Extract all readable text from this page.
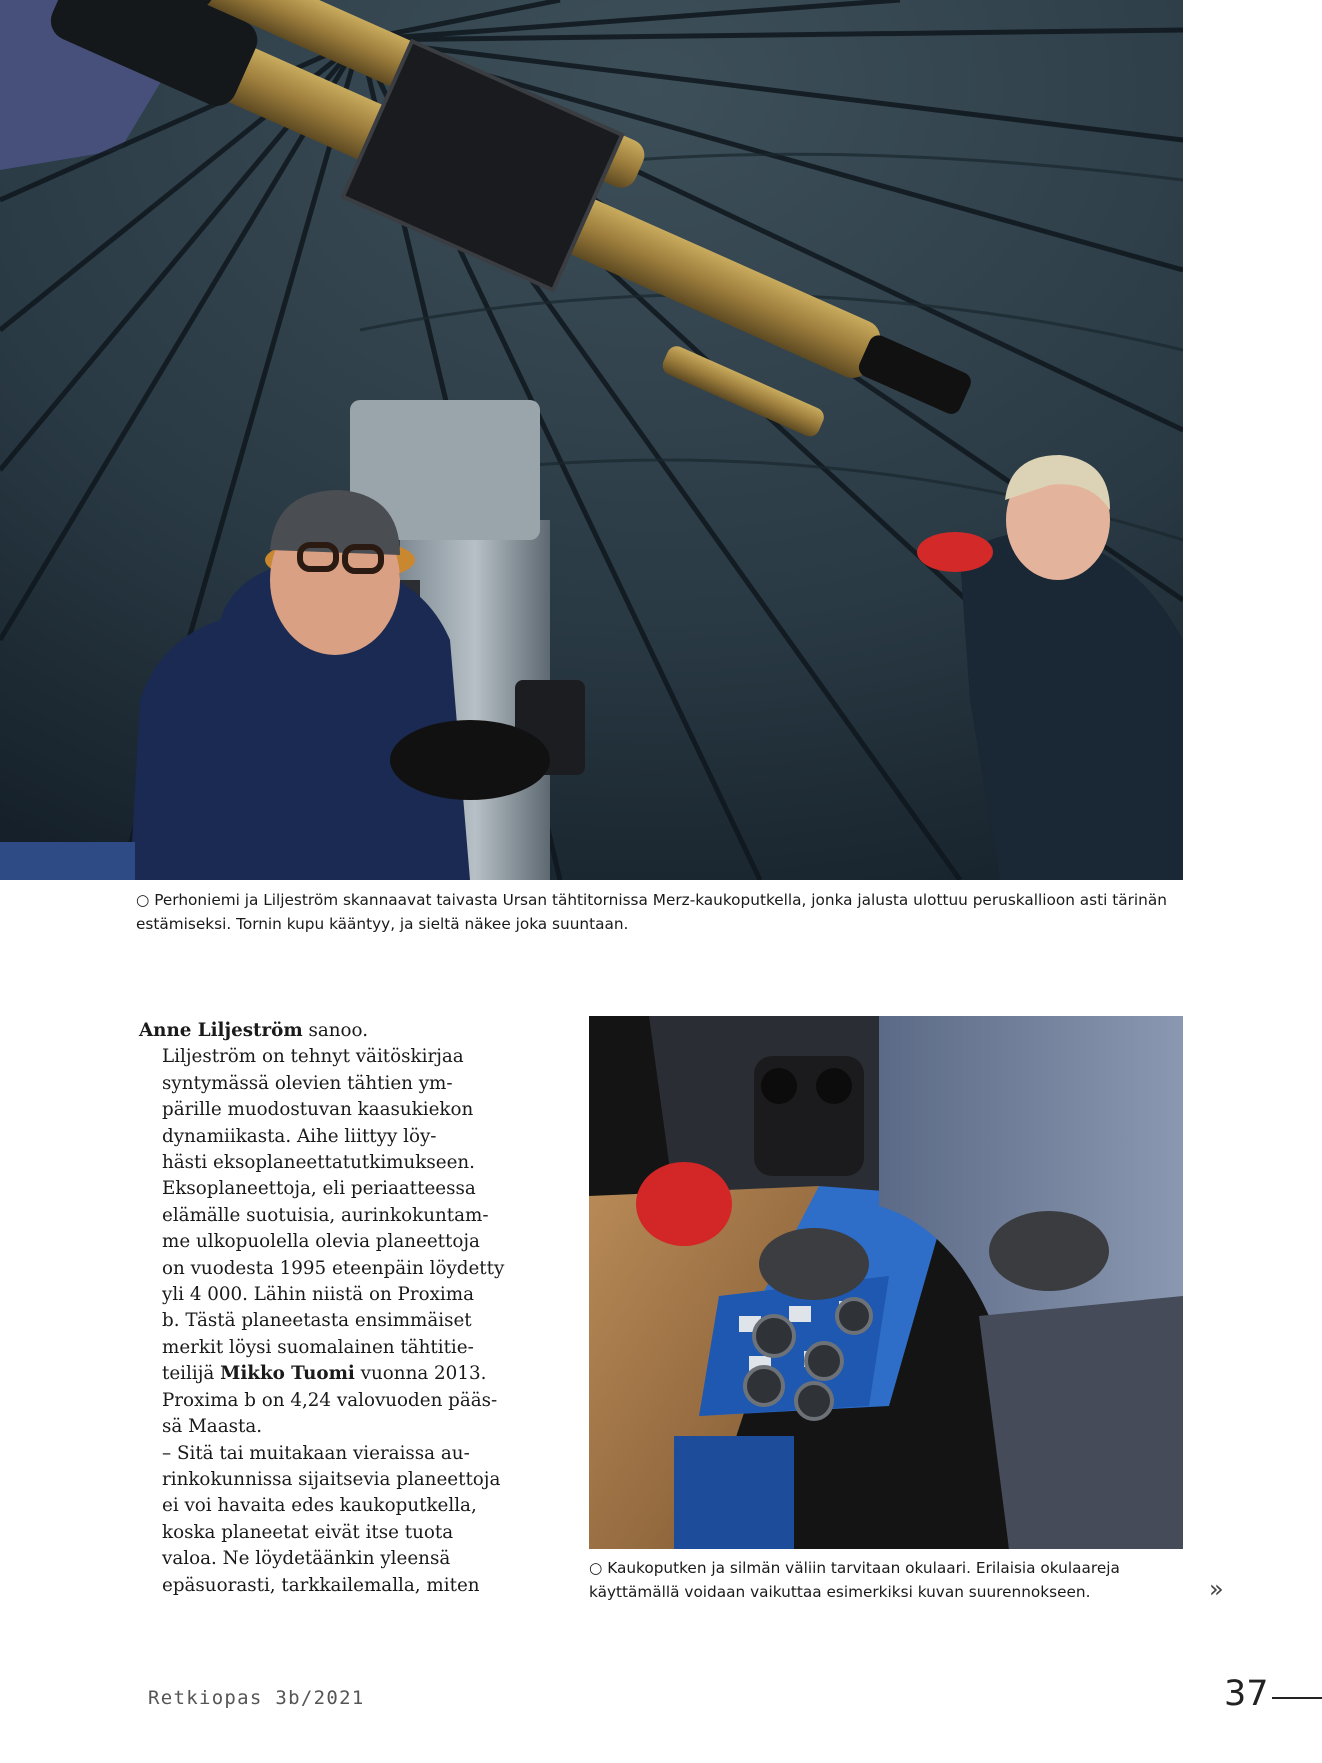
○ Perhoniemi ja Liljeström skannaavat taivasta Ursan tähtitornissa Merz-kaukoputkella, jonka jalusta ulottuu peruskallioon asti tärinän estämiseksi. Tornin kupu kääntyy, ja sieltä näkee joka suuntaan.

Anne Liljeström sanoo.

Liljeström on tehnyt väitöskirjaa
syntymässä olevien tähtien ym-
pärille muodostuvan kaasukiekon
dynamiikasta. Aihe liittyy löy-
hästi eksoplaneettatutkimukseen.
Eksoplaneettoja, eli periaatteessa
elämälle suotuisia, aurinkokuntam-
me ulkopuolella olevia planeettoja
on vuodesta 1995 eteenpäin löydetty
yli 4 000. Lähin niistä on Proxima
b. Tästä planeetasta ensimmäiset
merkit löysi suomalainen tähtitie-
teilijä Mikko Tuomi vuonna 2013.
Proxima b on 4,24 valovuoden pääs-
sä Maasta.

– Sitä tai muitakaan vieraissa au-
rinkokunnissa sijaitsevia planeettoja
ei voi havaita edes kaukoputkella,
koska planeetat eivät itse tuota
valoa. Ne löydetäänkin yleensä
epäsuorasti, tarkkailemalla, miten

○ Kaukoputken ja silmän väliin tarvitaan okulaari. Erilaisia okulaareja käyttämällä voidaan vaikuttaa esimerkiksi kuvan suurennokseen.	»
Retkiopas 3b/2021	37
